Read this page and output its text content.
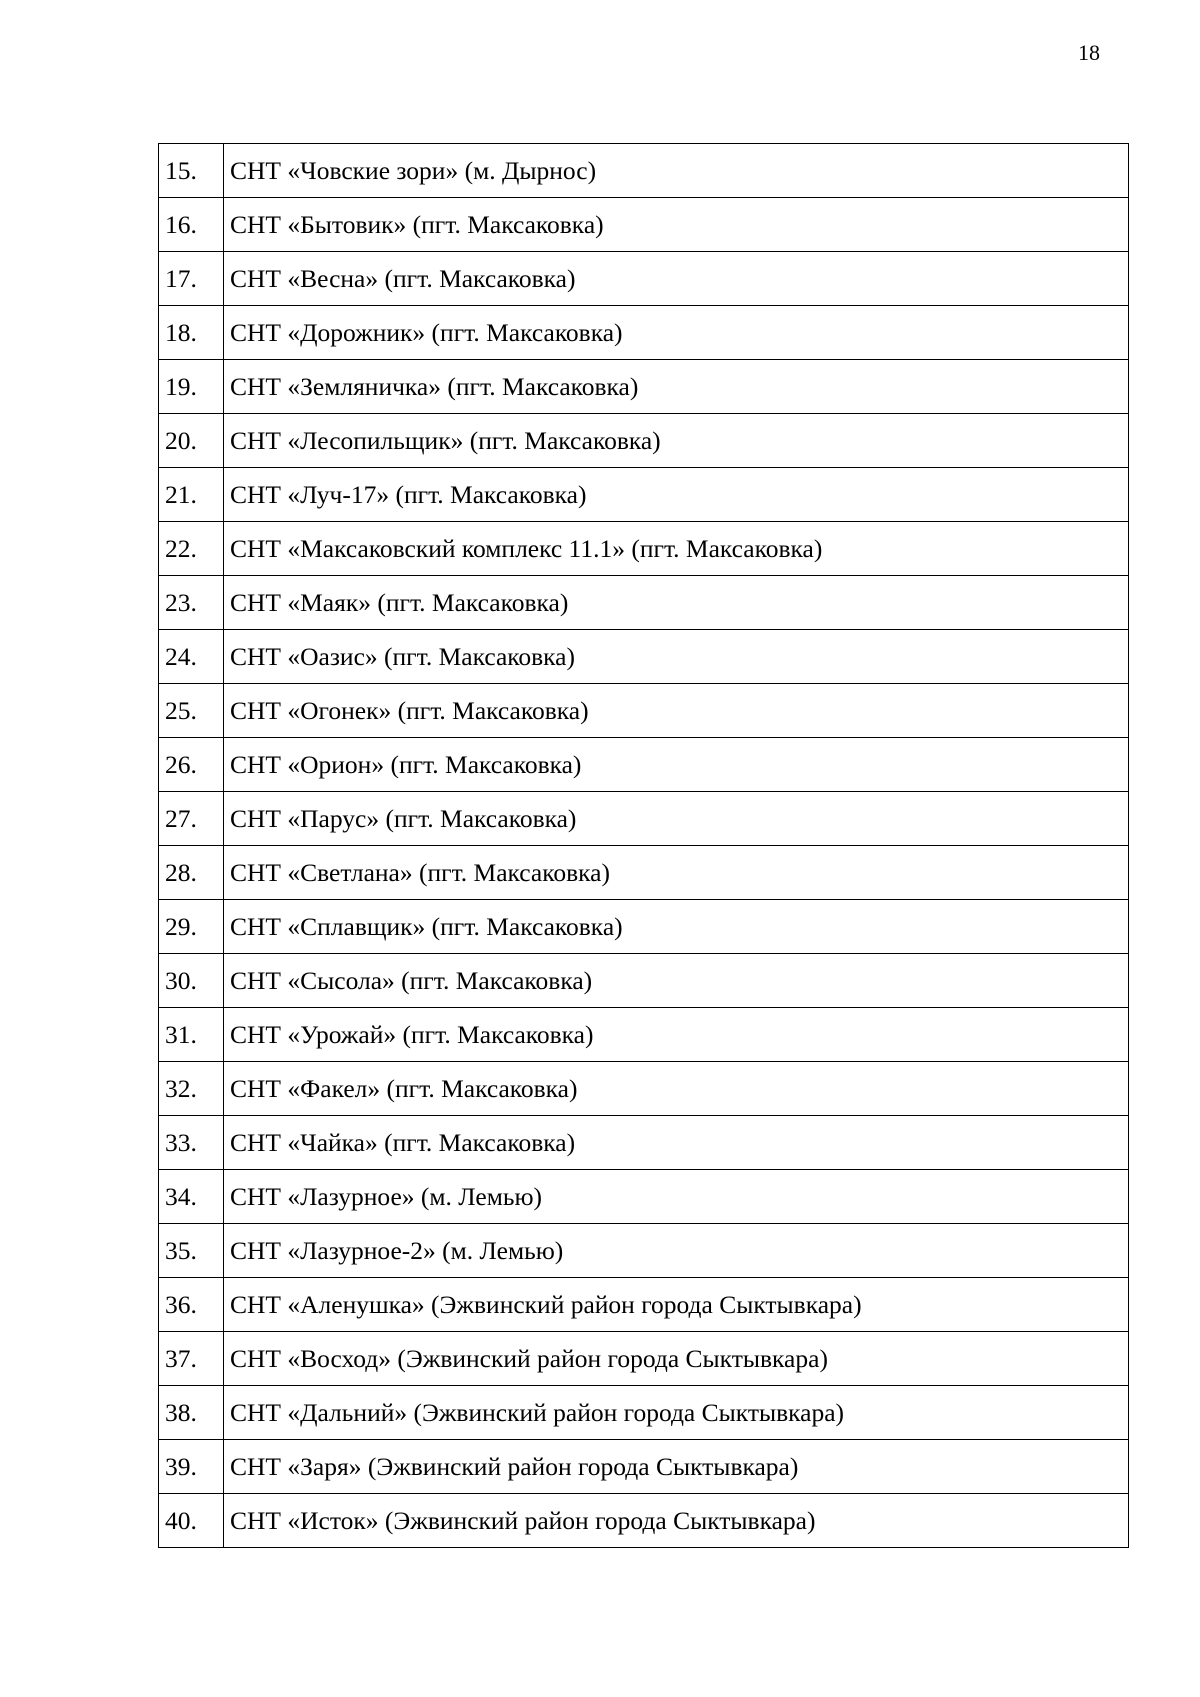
18
15.	СНТ «Човские зори» (м. Дырнос)
16.	СНТ «Бытовик» (пгт. Максаковка)
17.	СНТ «Весна» (пгт. Максаковка)
18.	СНТ «Дорожник» (пгт. Максаковка)
19.	СНТ «Земляничка» (пгт. Максаковка)
20.	СНТ «Лесопильщик» (пгт. Максаковка)
21.	СНТ «Луч-17» (пгт. Максаковка)
22.	СНТ «Максаковский комплекс 11.1» (пгт. Максаковка)
23.	СНТ «Маяк» (пгт. Максаковка)
24.	СНТ «Оазис» (пгт. Максаковка)
25.	СНТ «Огонек» (пгт. Максаковка)
26.	СНТ «Орион» (пгт. Максаковка)
27.	СНТ «Парус» (пгт. Максаковка)
28.	СНТ «Светлана» (пгт. Максаковка)
29.	СНТ «Сплавщик» (пгт. Максаковка)
30.	СНТ «Сысола» (пгт. Максаковка)
31.	СНТ «Урожай» (пгт. Максаковка)
32.	СНТ «Факел» (пгт. Максаковка)
33.	СНТ «Чайка» (пгт. Максаковка)
34.	СНТ «Лазурное» (м. Лемью)
35.	СНТ «Лазурное-2» (м. Лемью)
36.	СНТ «Аленушка» (Эжвинский район города Сыктывкара)
37.	СНТ «Восход» (Эжвинский район города Сыктывкара)
38.	СНТ «Дальний» (Эжвинский район города Сыктывкара)
39.	СНТ «Заря» (Эжвинский район города Сыктывкара)
40.	СНТ «Исток» (Эжвинский район города Сыктывкара)
